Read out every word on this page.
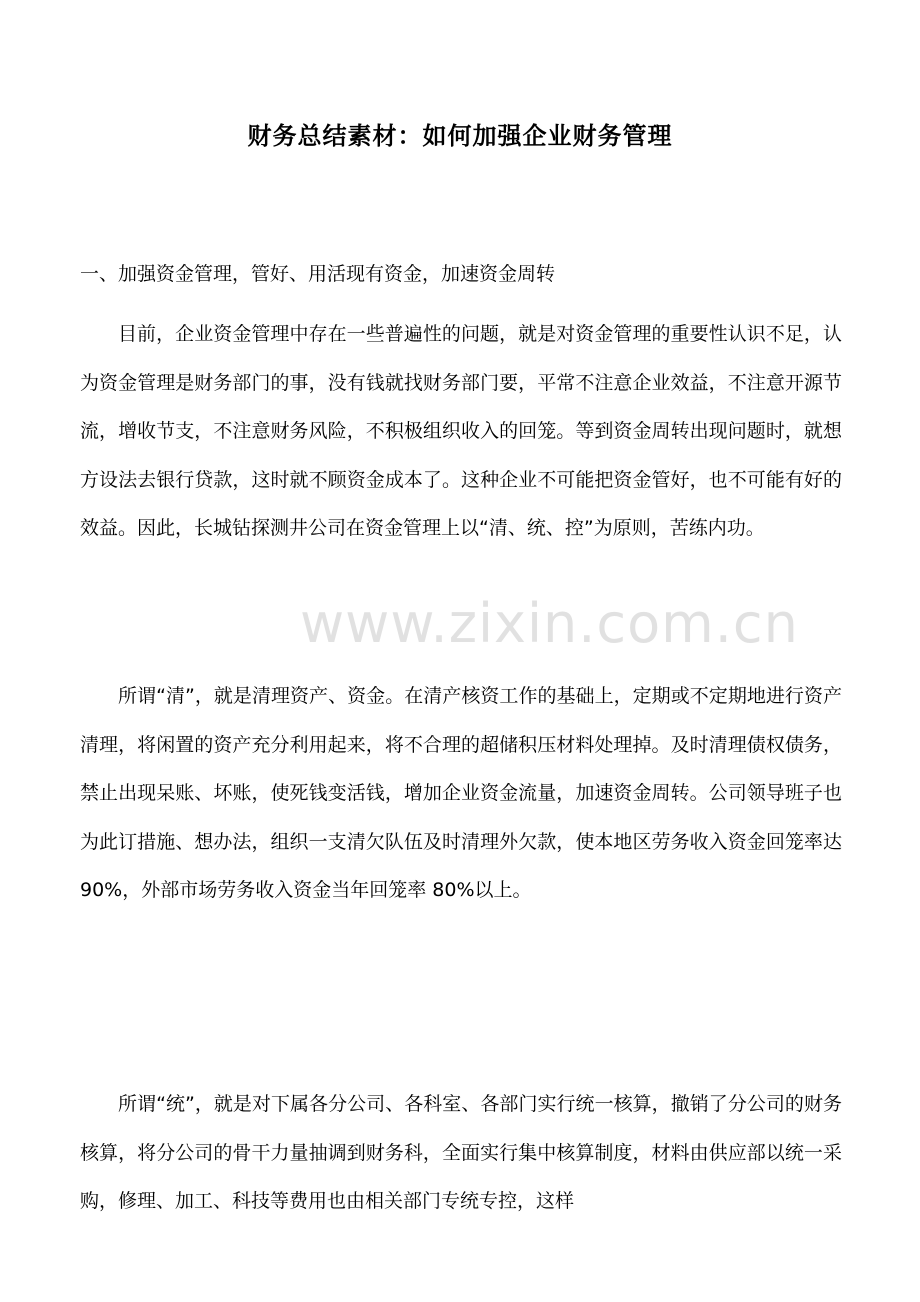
财务总结素材：如何加强企业财务管理
一、加强资金管理，管好、用活现有资金，加速资金周转

目前，企业资金管理中存在一些普遍性的问题，就是对资金管理的重要性认识不足，认为资金管理是财务部门的事，没有钱就找财务部门要，平常不注意企业效益，不注意开源节流，增收节支，不注意财务风险，不积极组织收入的回笼。等到资金周转出现问题时，就想方设法去银行贷款，这时就不顾资金成本了。这种企业不可能把资金管好，也不可能有好的效益。因此，长城钻探测井公司在资金管理上以“清、统、控”为原则，苦练内功。

所谓“清”，就是清理资产、资金。在清产核资工作的基础上，定期或不定期地进行资产清理，将闲置的资产充分利用起来，将不合理的超储积压材料处理掉。及时清理债权债务，禁止出现呆账、坏账，使死钱变活钱，增加企业资金流量，加速资金周转。公司领导班子也为此订措施、想办法，组织一支清欠队伍及时清理外欠款，使本地区劳务收入资金回笼率达 90%，外部市场劳务收入资金当年回笼率 80%以上。

所谓“统”，就是对下属各分公司、各科室、各部门实行统一核算，撤销了分公司的财务核算，将分公司的骨干力量抽调到财务科，全面实行集中核算制度，材料由供应部以统一采购，修理、加工、科技等费用也由相关部门专统专控，这样

www.zixin.com.cn
